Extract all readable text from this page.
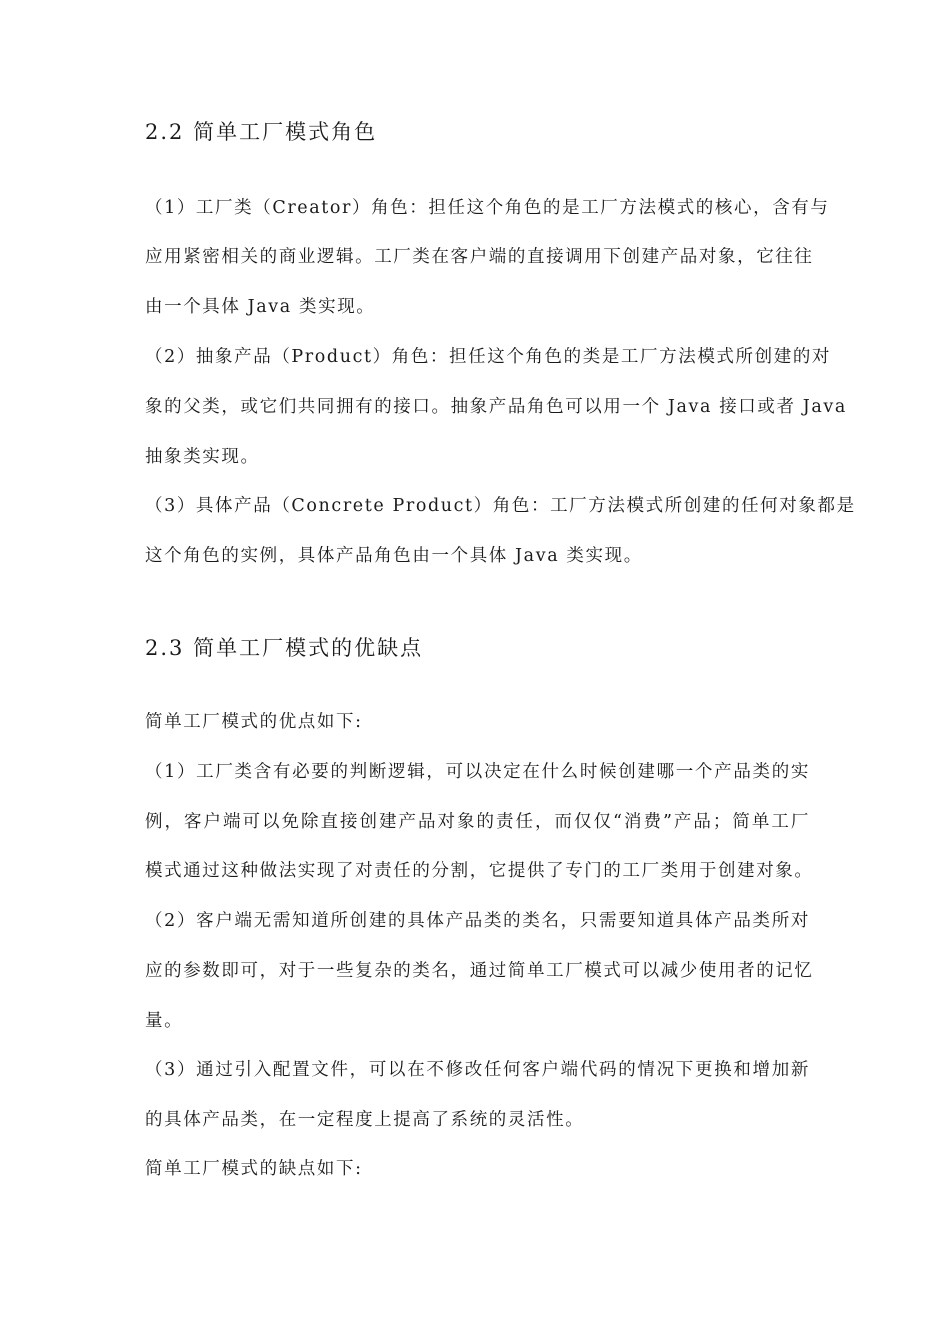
2.2 简单工厂模式角色
（1）工厂类（Creator）角色：担任这个角色的是工厂方法模式的核心，含有与
应用紧密相关的商业逻辑。工厂类在客户端的直接调用下创建产品对象，它往往
由一个具体 Java 类实现。
（2）抽象产品（Product）角色：担任这个角色的类是工厂方法模式所创建的对
象的父类，或它们共同拥有的接口。抽象产品角色可以用一个 Java 接口或者 Java
抽象类实现。
（3）具体产品（Concrete Product）角色：工厂方法模式所创建的任何对象都是
这个角色的实例，具体产品角色由一个具体 Java 类实现。
2.3 简单工厂模式的优缺点
简单工厂模式的优点如下:
（1）工厂类含有必要的判断逻辑，可以决定在什么时候创建哪一个产品类的实
例，客户端可以免除直接创建产品对象的责任，而仅仅“消费”产品；简单工厂
模式通过这种做法实现了对责任的分割，它提供了专门的工厂类用于创建对象。
（2）客户端无需知道所创建的具体产品类的类名，只需要知道具体产品类所对
应的参数即可，对于一些复杂的类名，通过简单工厂模式可以减少使用者的记忆
量。
（3）通过引入配置文件，可以在不修改任何客户端代码的情况下更换和增加新
的具体产品类，在一定程度上提高了系统的灵活性。
简单工厂模式的缺点如下:
